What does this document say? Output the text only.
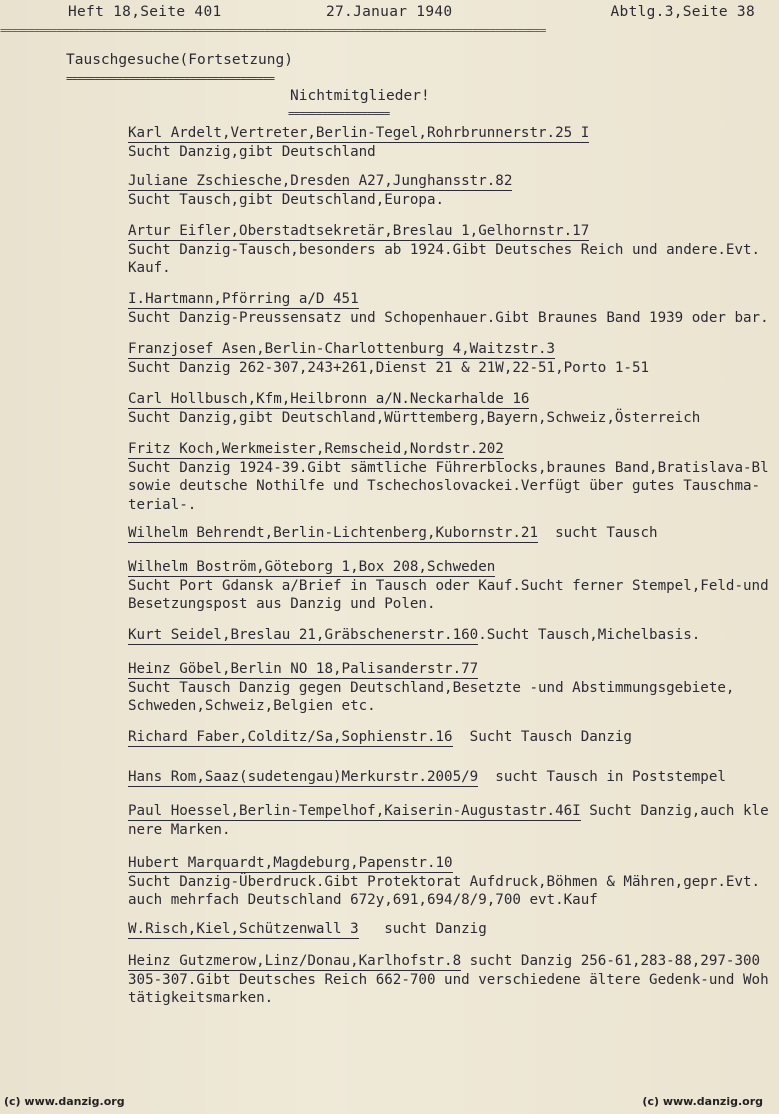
Heft 18,Seite 401	27.Januar 1940	Abtlg.3,Seite 38
=================================================================================================
Tauschgesuche(Fortsetzung)
=====================================
Nichtmitglieder!
==================
Karl Ardelt,Vertreter,Berlin-Tegel,Rohrbrunnerstr.25 I
Sucht Danzig,gibt Deutschland
Juliane Zschiesche,Dresden A27,Junghansstr.82
Sucht Tausch,gibt Deutschland,Europa.
Artur Eifler,Oberstadtsekretär,Breslau 1,Gelhornstr.17
Sucht Danzig-Tausch,besonders ab 1924.Gibt Deutsches Reich und andere.Evt.
Kauf.
I.Hartmann,Pförring a/D 451
Sucht Danzig-Preussensatz und Schopenhauer.Gibt Braunes Band 1939 oder bar.
Franzjosef Asen,Berlin-Charlottenburg 4,Waitzstr.3
Sucht Danzig 262-307,243+261,Dienst 21 & 21W,22-51,Porto 1-51
Carl Hollbusch,Kfm,Heilbronn a/N.Neckarhalde 16
Sucht Danzig,gibt Deutschland,Württemberg,Bayern,Schweiz,Österreich
Fritz Koch,Werkmeister,Remscheid,Nordstr.202
Sucht Danzig 1924-39.Gibt sämtliche Führerblocks,braunes Band,Bratislava-Bl
sowie deutsche Nothilfe und Tschechoslovackei.Verfügt über gutes Tauschma-
terial-.
Wilhelm Behrendt,Berlin-Lichtenberg,Kubornstr.21  sucht Tausch
Wilhelm Boström,Göteborg 1,Box 208,Schweden
Sucht Port Gdansk a/Brief in Tausch oder Kauf.Sucht ferner Stempel,Feld-und
Besetzungspost aus Danzig und Polen.
Kurt Seidel,Breslau 21,Gräbschenerstr.160.Sucht Tausch,Michelbasis.
Heinz Göbel,Berlin NO 18,Palisanderstr.77
Sucht Tausch Danzig gegen Deutschland,Besetzte -und Abstimmungsgebiete,
Schweden,Schweiz,Belgien etc.
Richard Faber,Colditz/Sa,Sophienstr.16  Sucht Tausch Danzig
Hans Rom,Saaz(sudetengau)Merkurstr.2005/9  sucht Tausch in Poststempel
Paul Hoessel,Berlin-Tempelhof,Kaiserin-Augustastr.46I Sucht Danzig,auch kle
nere Marken.
Hubert Marquardt,Magdeburg,Papenstr.10
Sucht Danzig-Überdruck.Gibt Protektorat Aufdruck,Böhmen & Mähren,gepr.Evt.
auch mehrfach Deutschland 672y,691,694/8/9,700 evt.Kauf
W.Risch,Kiel,Schützenwall 3   sucht Danzig
Heinz Gutzmerow,Linz/Donau,Karlhofstr.8 sucht Danzig 256-61,283-88,297-300
305-307.Gibt Deutsches Reich 662-700 und verschiedene ältere Gedenk-und Woh
tätigkeitsmarken.
(c) www.danzig.org	(c) www.danzig.org
